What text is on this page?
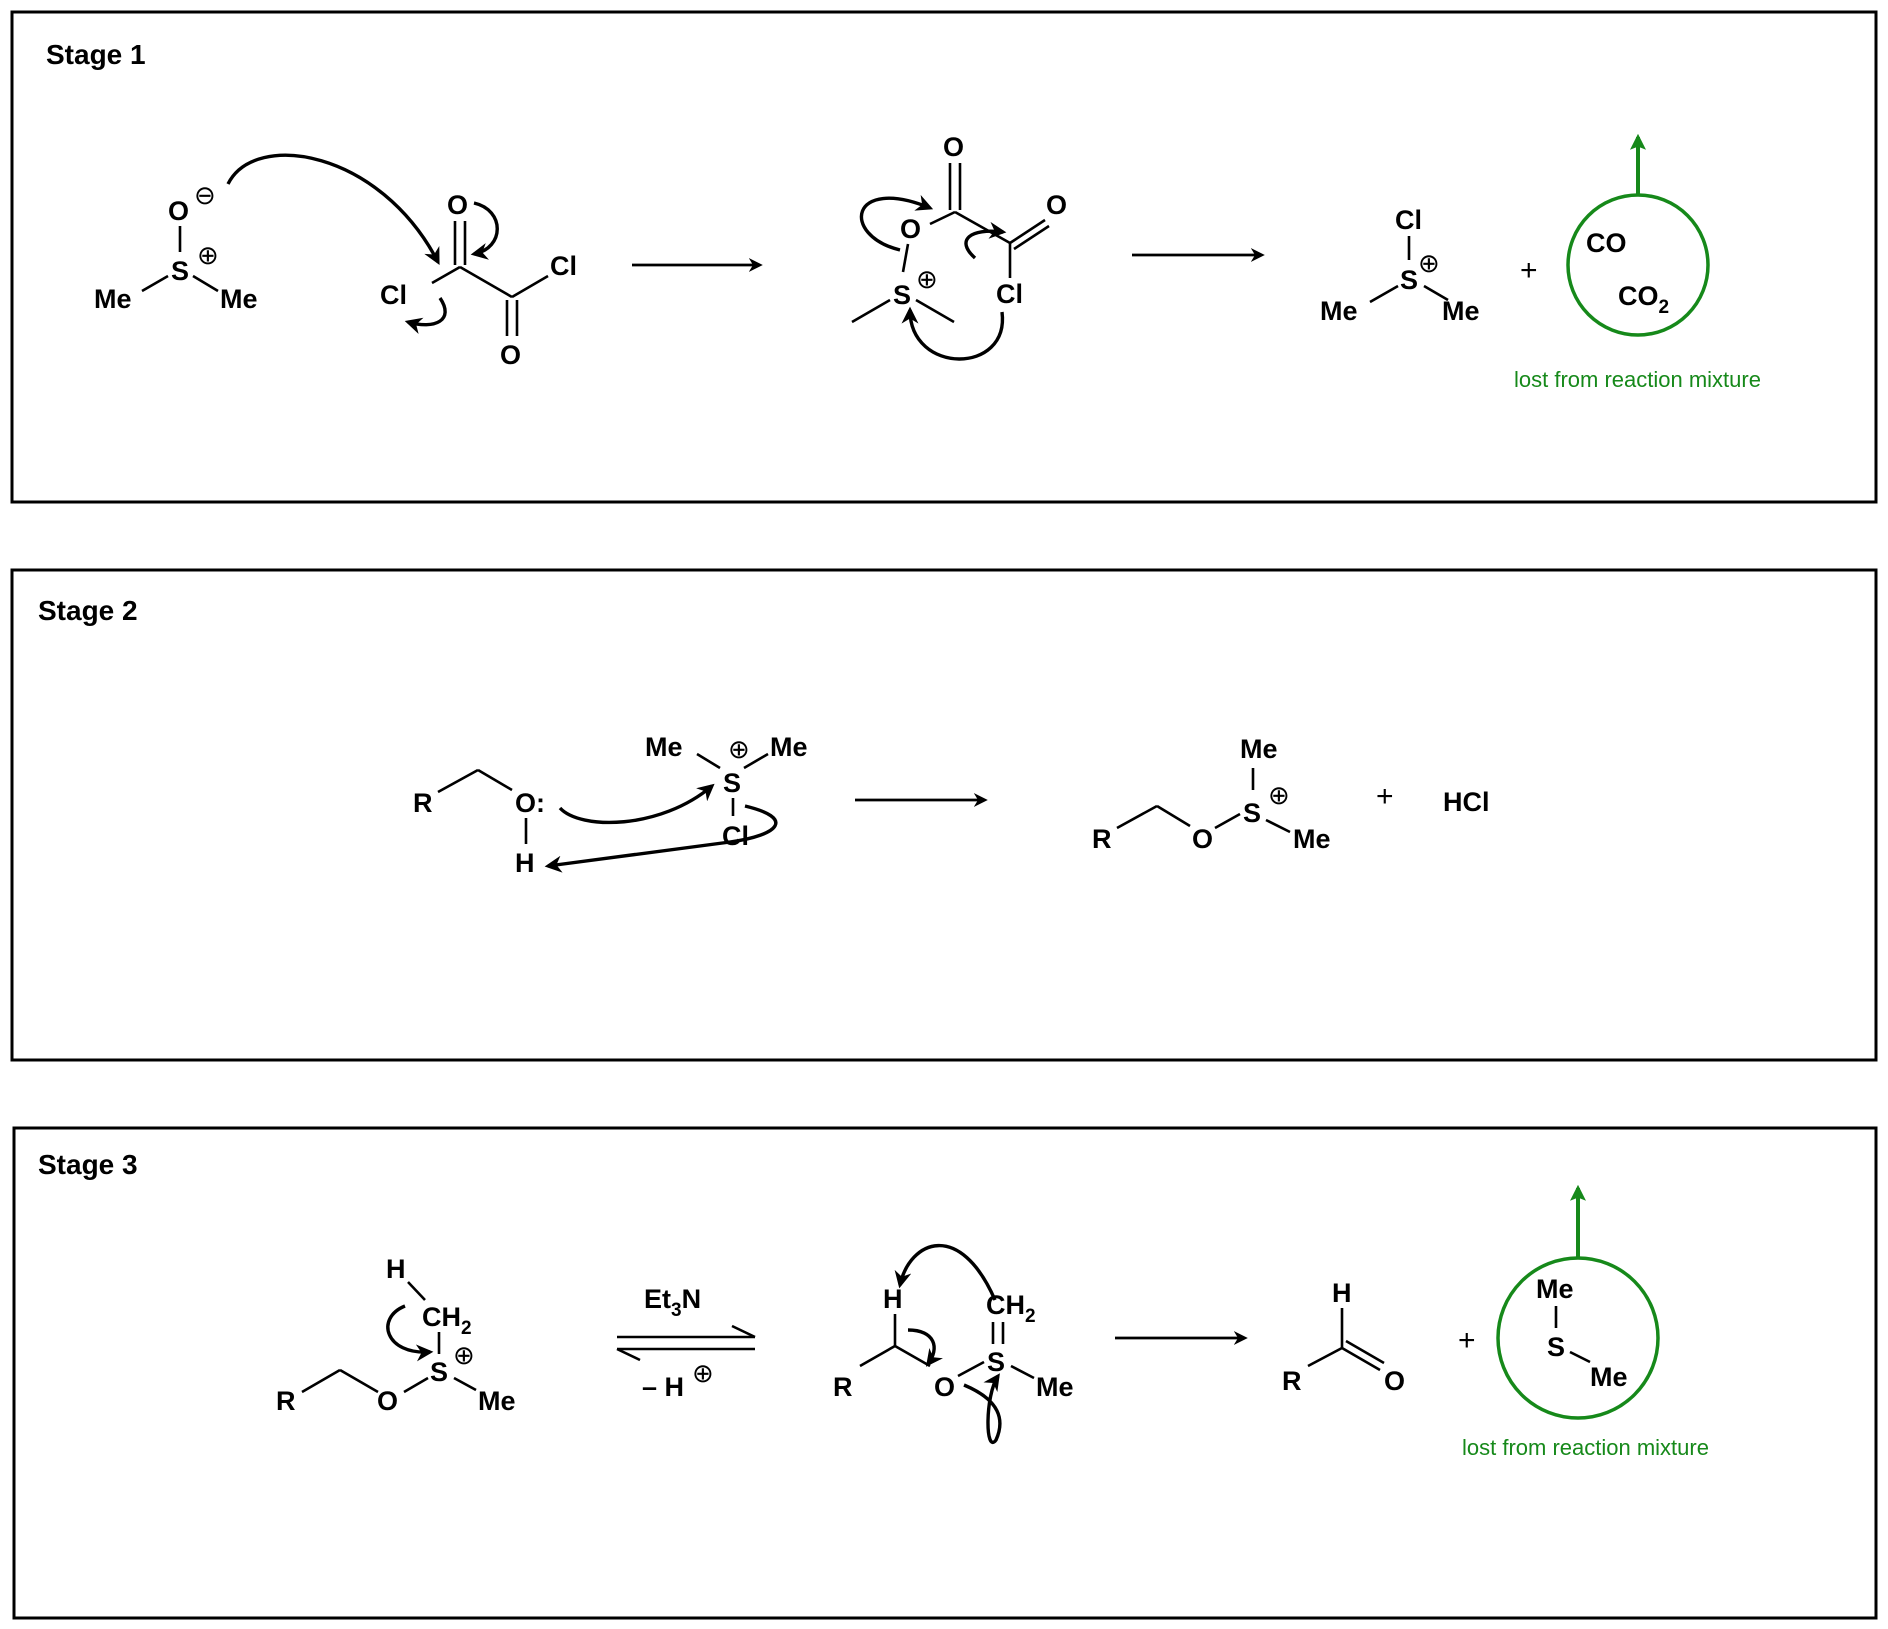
Stage 1
O
⊖
S
⊕
Me	Me
O
Cl
Cl
O
O
O
O
Cl
S
⊕
Cl
S
⊕
Me	Me
+
CO
$CO_2$
lost from reaction mixture
Stage 2
R	O:
H
Me ⊕ Me
S
Cl	R	O
S
⊕
Me
Me
+ HCl
Stage 3
H
$CH_2$
S
⊕
O
R	Me
$Et_3N$
– H ⊕
H
R	O
S
$CH_2$
Me
H
R	O
+
Me
S
Me
lost from reaction mixture
